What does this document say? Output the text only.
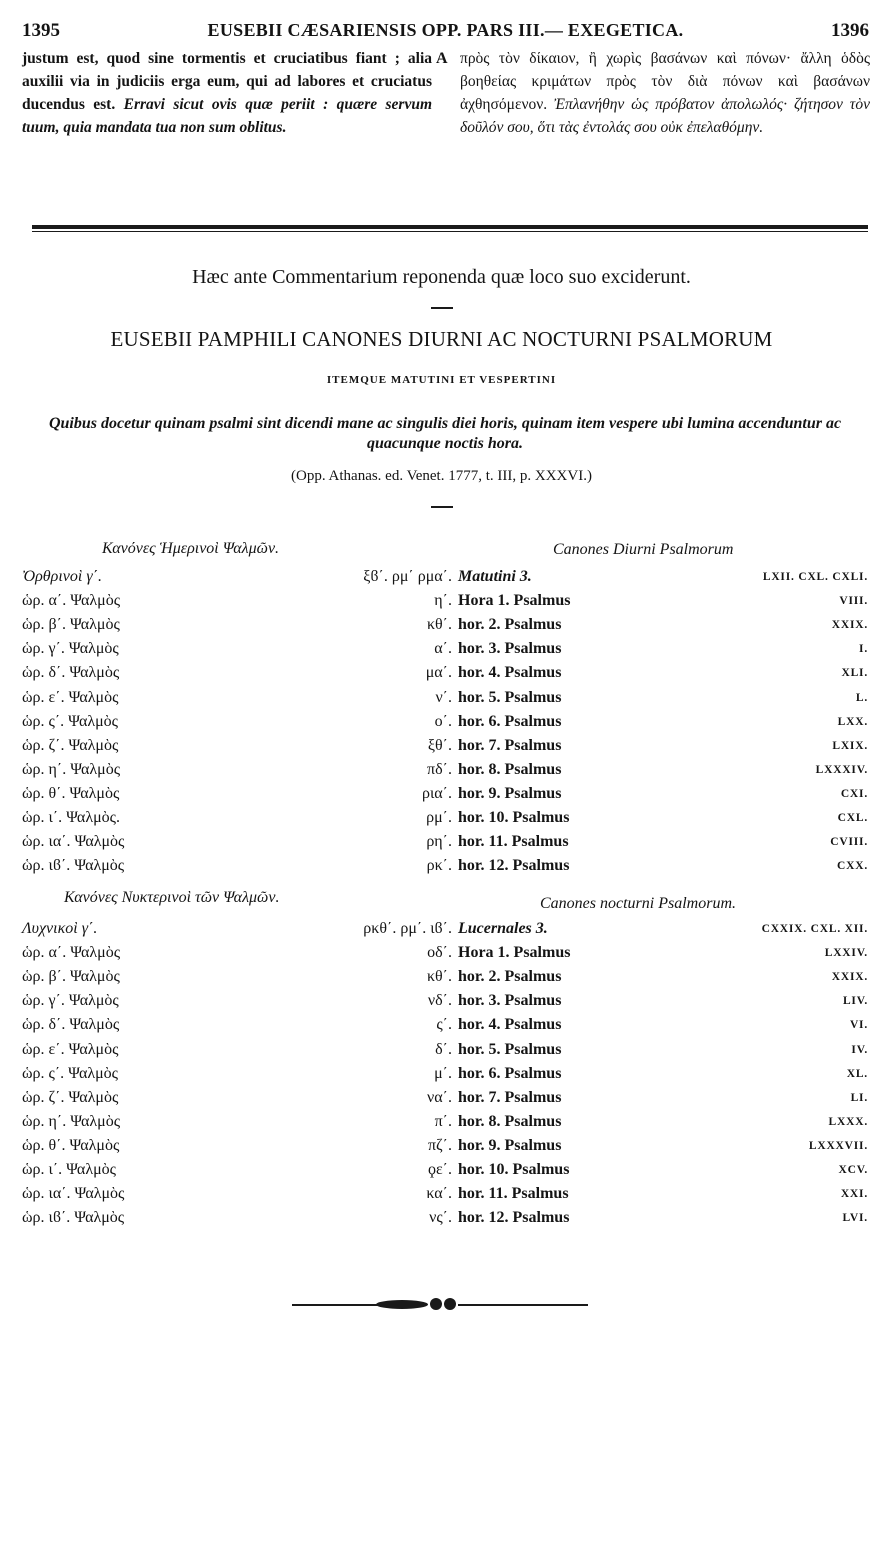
1395	EUSEBII CÆSARIENSIS OPP. PARS III.— EXEGETICA.	1396
justum est, quod sine tormentis et cruciatibus fiant ; alia auxilii via in judiciis erga eum, qui ad labores et cruciatus ducendus est. Erravi sicut ovis quæ periit : quære servum tuum, quia mandata tua non sum oblitus.
A πρὸς τὸν δίκαιον, ἢ χωρὶς βασάνων καὶ πόνων· ἄλλη ὁδὸς βοηθείας κριμάτων πρὸς τὸν διὰ πόνων καὶ βασάνων ἀχθησόμενον. Ἐπλανήθην ὡς πρόβατον ἀπολωλός· ζήτησον τὸν δοῦλόν σου, ὅτι τὰς ἐντολάς σου οὐκ ἐπελαθόμην.
Hæc ante Commentarium reponenda quæ loco suo exciderunt.
EUSEBII PAMPHILI CANONES DIURNI AC NOCTURNI PSALMORUM
ITEMQUE MATUTINI ET VESPERTINI
Quibus docetur quinam psalmi sint dicendi mane ac singulis diei horis, quinam item vespere ubi lumina accenduntur ac quacunque noctis hora.
(Opp. Athanas. ed. Venet. 1777, t. III, p. XXXVI.)
Κανόνες Ἡμερινοὶ Ψαλμῶν.	Canones Diurni Psalmorum
Ὀρθρινοὶ γ΄.	ξϐ΄. ρμ΄ ρμα΄. Matutini 3.	LXII. CXL. CXLI.
ὡρ. α΄. Ψαλμὸς	η΄. Hora 1. Psalmus	VIII.
ὡρ. β΄. Ψαλμὸς	κθ΄. hor. 2. Psalmus	XXIX.
ὡρ. γ΄. Ψαλμὸς	α΄. hor. 3. Psalmus	I.
ὡρ. δ΄. Ψαλμὸς	μα΄. hor. 4. Psalmus	XLI.
ὡρ. ε΄. Ψαλμὸς	ν΄. hor. 5. Psalmus	L.
ὡρ. ς΄. Ψαλμὸς	ο΄. hor. 6. Psalmus	LXX.
ὡρ. ζ΄. Ψαλμὸς	ξθ΄. hor. 7. Psalmus	LXIX.
ὡρ. η΄. Ψαλμὸς	πδ΄. hor. 8. Psalmus	LXXXIV.
ὡρ. θ΄. Ψαλμὸς	ρια΄. hor. 9. Psalmus	CXI.
ὡρ. ι΄. Ψαλμὸς.	ρμ΄. hor. 10. Psalmus	CXL.
ὡρ. ια΄. Ψαλμὸς	ρη΄. hor. 11. Psalmus	CVIII.
ὡρ. ιϐ΄. Ψαλμὸς	ρκ΄. hor. 12. Psalmus	CXX.
Κανόνες Νυκτερινοὶ τῶν Ψαλμῶν.	Canones nocturni Psalmorum.
Λυχνικοὶ γ΄.	ρκθ΄. ρμ΄. ιϐ΄. Lucernales 3.	CXXIX. CXL. XII.
ὡρ. α΄. Ψαλμὸς	οδ΄. Hora 1. Psalmus	LXXIV.
ὡρ. β΄. Ψαλμὸς	κθ΄. hor. 2. Psalmus	XXIX.
ὡρ. γ΄. Ψαλμὸς	νδ΄. hor. 3. Psalmus	LIV.
ὡρ. δ΄. Ψαλμὸς	ς΄. hor. 4. Psalmus	VI.
ὡρ. ε΄. Ψαλμὸς	δ΄. hor. 5. Psalmus	IV.
ὡρ. ς΄. Ψαλμὸς	μ΄. hor. 6. Psalmus	XL.
ὡρ. ζ΄. Ψαλμὸς	να΄. hor. 7. Psalmus	LI.
ὡρ. η΄. Ψαλμὸς	π΄. hor. 8. Psalmus	LXXX.
ὡρ. θ΄. Ψαλμὸς	πζ΄. hor. 9. Psalmus	LXXXVII.
ὡρ. ι΄. Ψαλμὸς	ϙε΄. hor. 10. Psalmus	XCV.
ὡρ. ια΄. Ψαλμὸς	κα΄. hor. 11. Psalmus	XXI.
ὡρ. ιϐ΄. Ψαλμὸς	νς΄. hor. 12. Psalmus	LVI.
